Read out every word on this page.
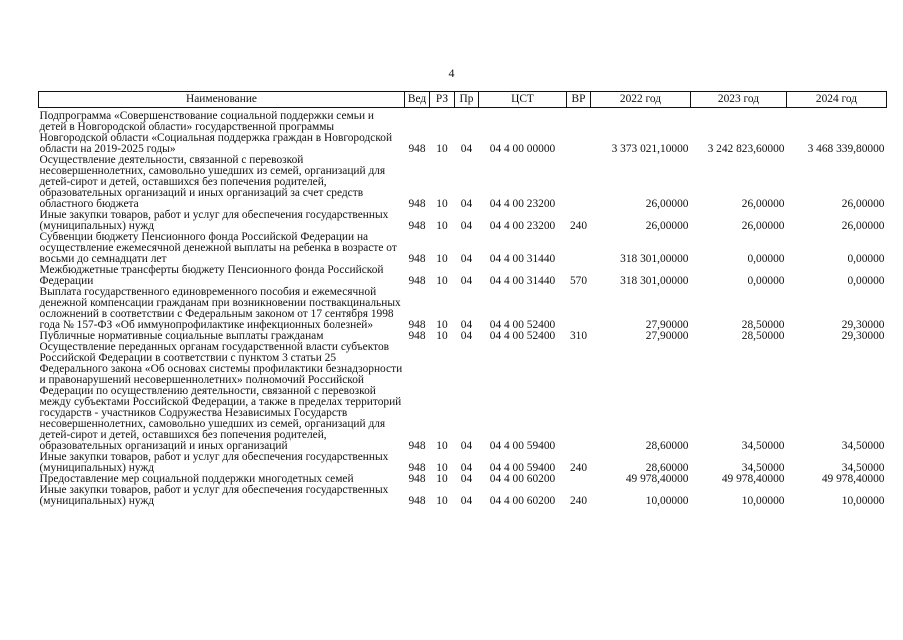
4
Наименование	Вед	РЗ	Пр	ЦСТ	ВР	2022 год	2023 год	2024 год
Подпрограмма «Совершенствование социальной поддержки семьи и детей в Новгородской области» государственной программы Новгородской области «Социальная поддержка граждан в Новгородской области на 2019-2025 годы»	948	10	04	04 4 00 00000		3 373 021,10000	3 242 823,60000	3 468 339,80000
Осуществление деятельности, связанной с перевозкой несовершеннолетних, самовольно ушедших из семей, организаций для детей-сирот и детей, оставшихся без попечения родителей, образовательных организаций и иных организаций за счет средств областного бюджета	948	10	04	04 4 00 23200		26,00000	26,00000	26,00000
Иные закупки товаров, работ и услуг для обеспечения государственных (муниципальных) нужд	948	10	04	04 4 00 23200	240	26,00000	26,00000	26,00000
Субвенции бюджету Пенсионного фонда Российской Федерации на осуществление ежемесячной денежной выплаты на ребенка в возрасте от восьми до семнадцати лет	948	10	04	04 4 00 31440		318 301,00000	0,00000	0,00000
Межбюджетные трансферты бюджету Пенсионного фонда Российской Федерации	948	10	04	04 4 00 31440	570	318 301,00000	0,00000	0,00000
Выплата государственного единовременного пособия и ежемесячной денежной компенсации гражданам при возникновении поствакцинальных осложнений в соответствии с Федеральным законом от 17 сентября 1998 года № 157-ФЗ «Об иммунопрофилактике инфекционных болезней»	948	10	04	04 4 00 52400		27,90000	28,50000	29,30000
Публичные нормативные социальные выплаты гражданам	948	10	04	04 4 00 52400	310	27,90000	28,50000	29,30000
Осуществление переданных органам государственной власти субъектов Российской Федерации в соответствии с пунктом 3 статьи 25 Федерального закона «Об основах системы профилактики безнадзорности и правонарушений несовершеннолетних» полномочий Российской Федерации по осуществлению деятельности, связанной с перевозкой между субъектами Российской Федерации, а также в пределах территорий государств - участников Содружества Независимых Государств несовершеннолетних, самовольно ушедших из семей, организаций для детей-сирот и детей, оставшихся без попечения родителей, образовательных организаций и иных организаций	948	10	04	04 4 00 59400		28,60000	34,50000	34,50000
Иные закупки товаров, работ и услуг для обеспечения государственных (муниципальных) нужд	948	10	04	04 4 00 59400	240	28,60000	34,50000	34,50000
Предоставление мер социальной поддержки многодетных семей	948	10	04	04 4 00 60200		49 978,40000	49 978,40000	49 978,40000
Иные закупки товаров, работ и услуг для обеспечения государственных (муниципальных) нужд	948	10	04	04 4 00 60200	240	10,00000	10,00000	10,00000
